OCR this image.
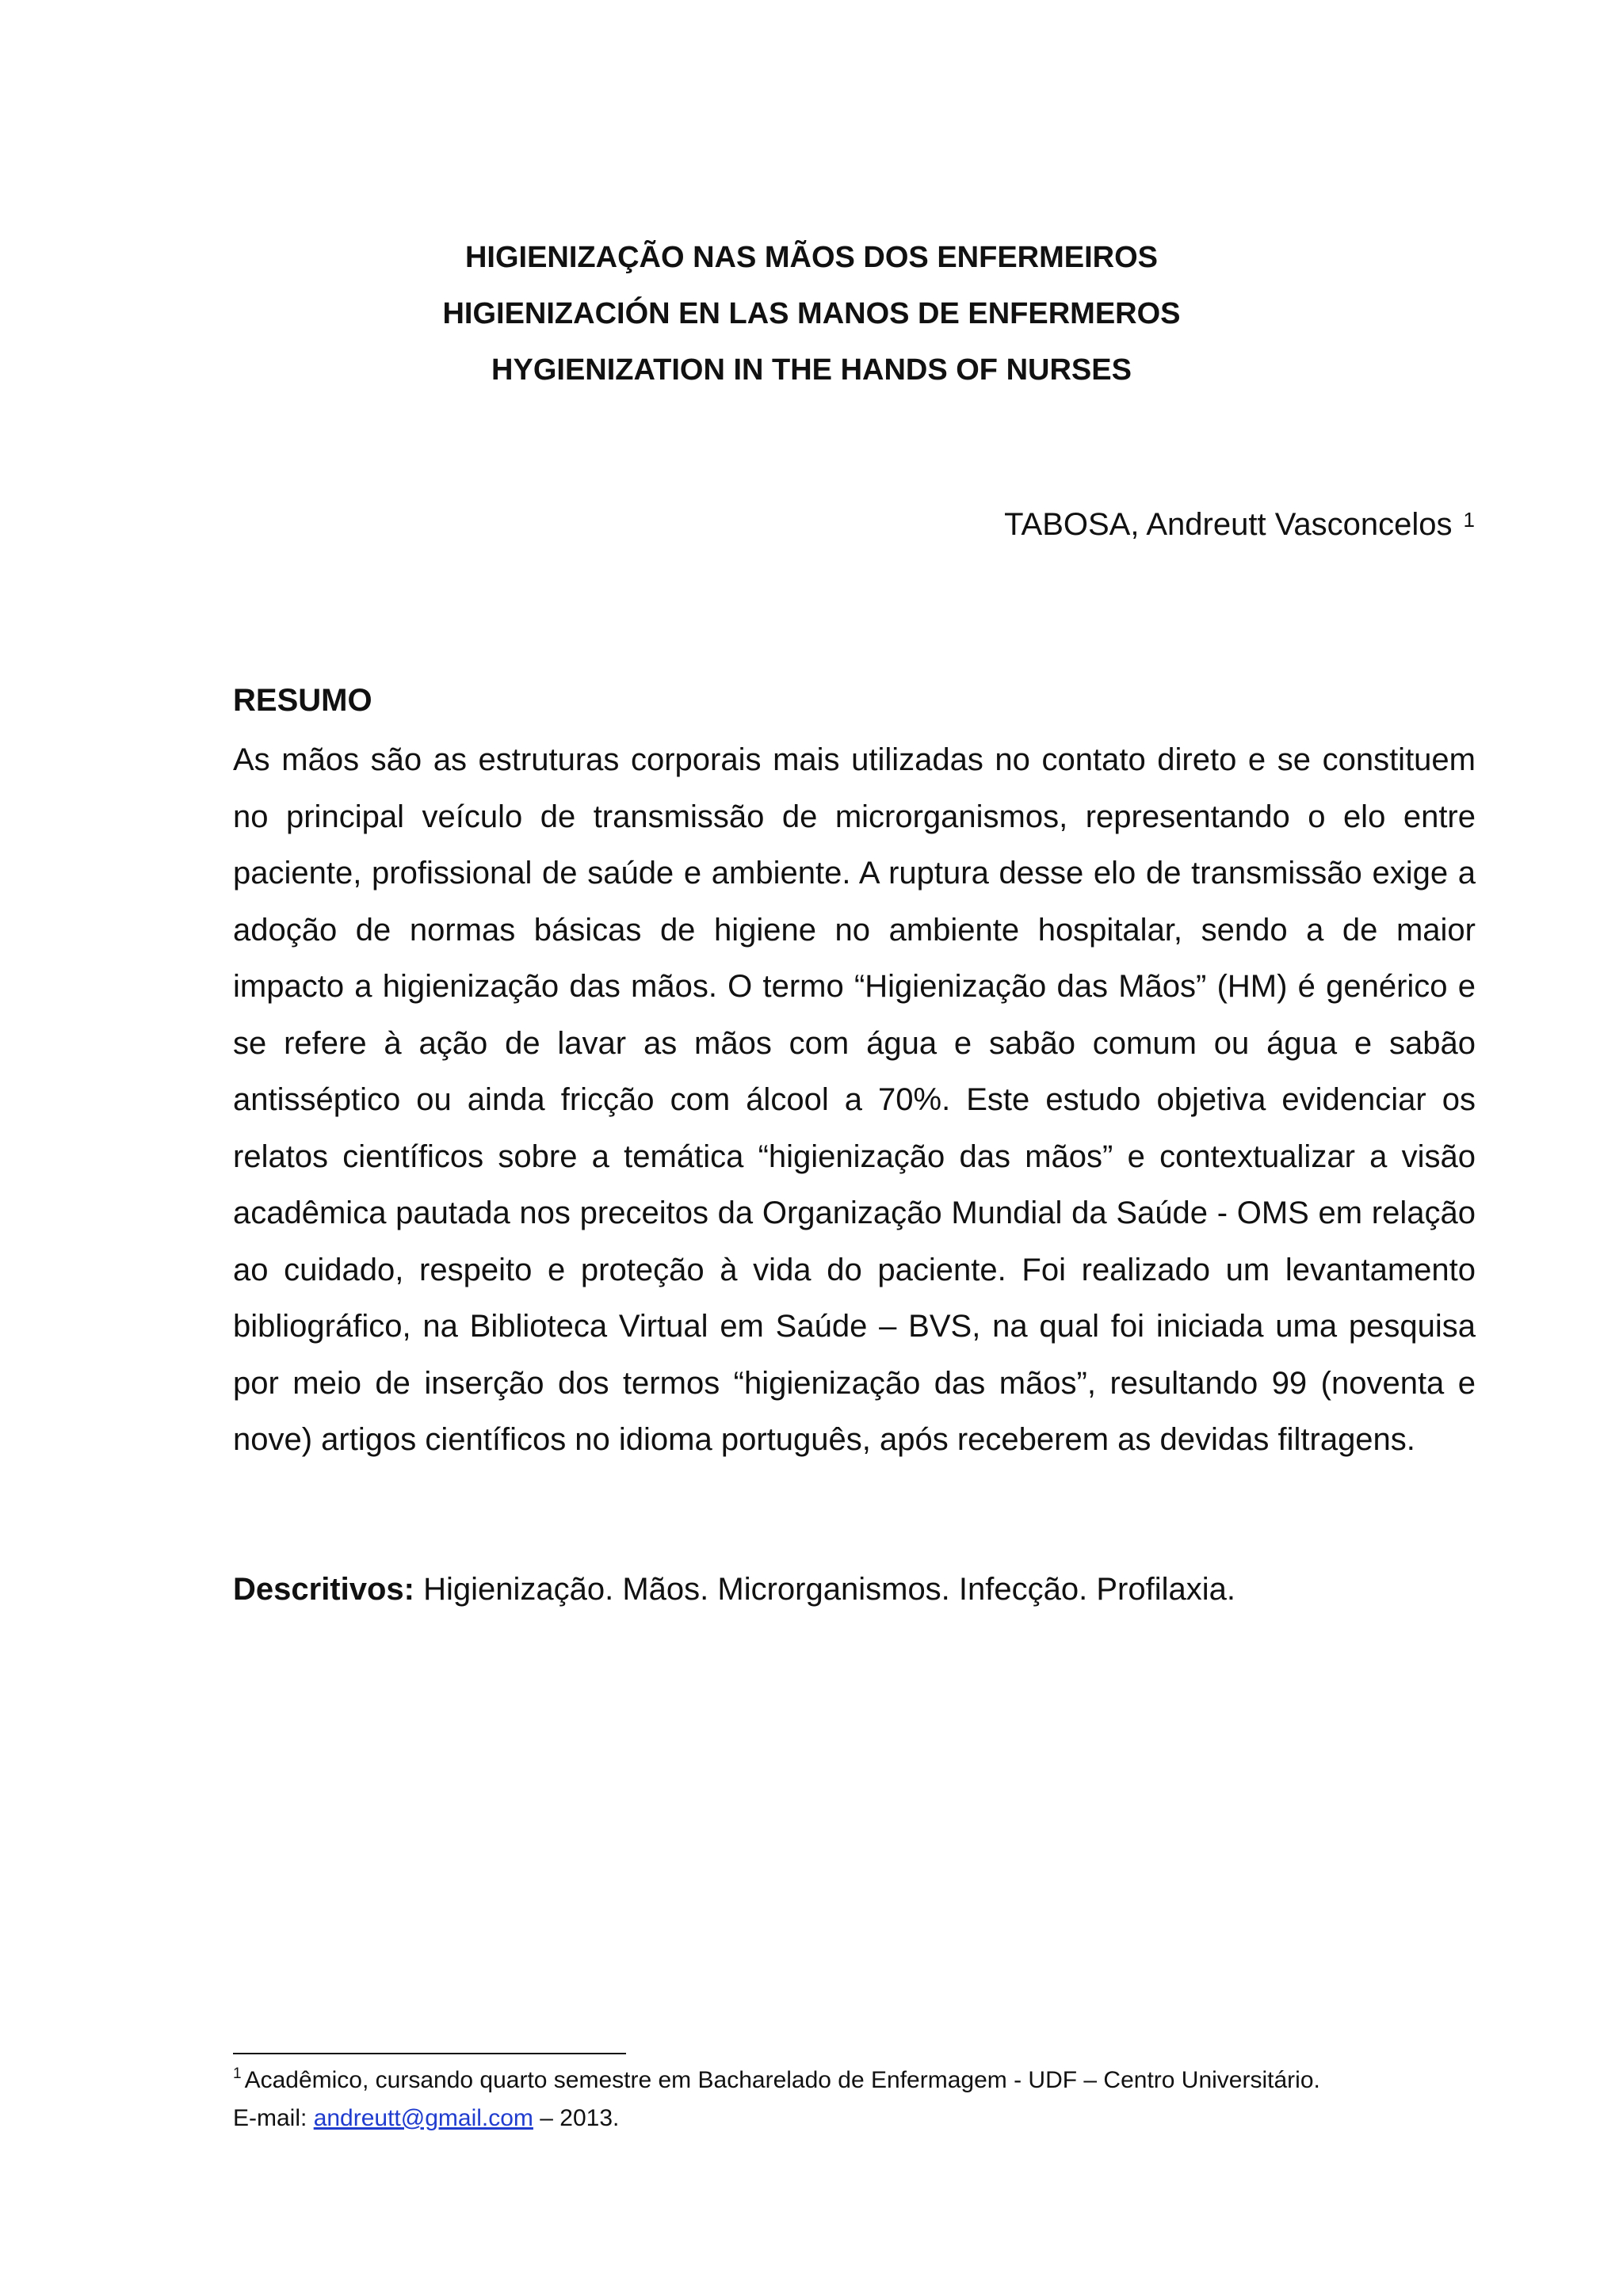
HIGIENIZAÇÃO NAS MÃOS DOS ENFERMEIROS
HIGIENIZACIÓN EN LAS MANOS DE ENFERMEROS
HYGIENIZATION IN THE HANDS OF NURSES
TABOSA, Andreutt Vasconcelos $^1$
RESUMO

As mãos são as estruturas corporais mais utilizadas no contato direto e se constituem no principal veículo de transmissão de microrganismos, representando o elo entre paciente, profissional de saúde e ambiente. A ruptura desse elo de transmissão exige a adoção de normas básicas de higiene no ambiente hospitalar, sendo a de maior impacto a higienização das mãos. O termo “Higienização das Mãos” (HM) é genérico e se refere à ação de lavar as mãos com água e sabão comum ou água e sabão antisséptico ou ainda fricção com álcool a 70%. Este estudo objetiva evidenciar os relatos científicos sobre a temática “higienização das mãos” e contextualizar a visão acadêmica pautada nos preceitos da Organização Mundial da Saúde - OMS em relação ao cuidado, respeito e proteção à vida do paciente. Foi realizado um levantamento bibliográfico, na Biblioteca Virtual em Saúde – BVS, na qual foi iniciada uma pesquisa por meio de inserção dos termos “higienização das mãos”, resultando 99 (noventa e nove) artigos científicos no idioma português, após receberem as devidas filtragens.

Descritivos: Higienização. Mãos. Microrganismos. Infecção. Profilaxia.
$^1$ Acadêmico, cursando quarto semestre em Bacharelado de Enfermagem - UDF – Centro Universitário.
E-mail: andreutt@gmail.com – 2013.
